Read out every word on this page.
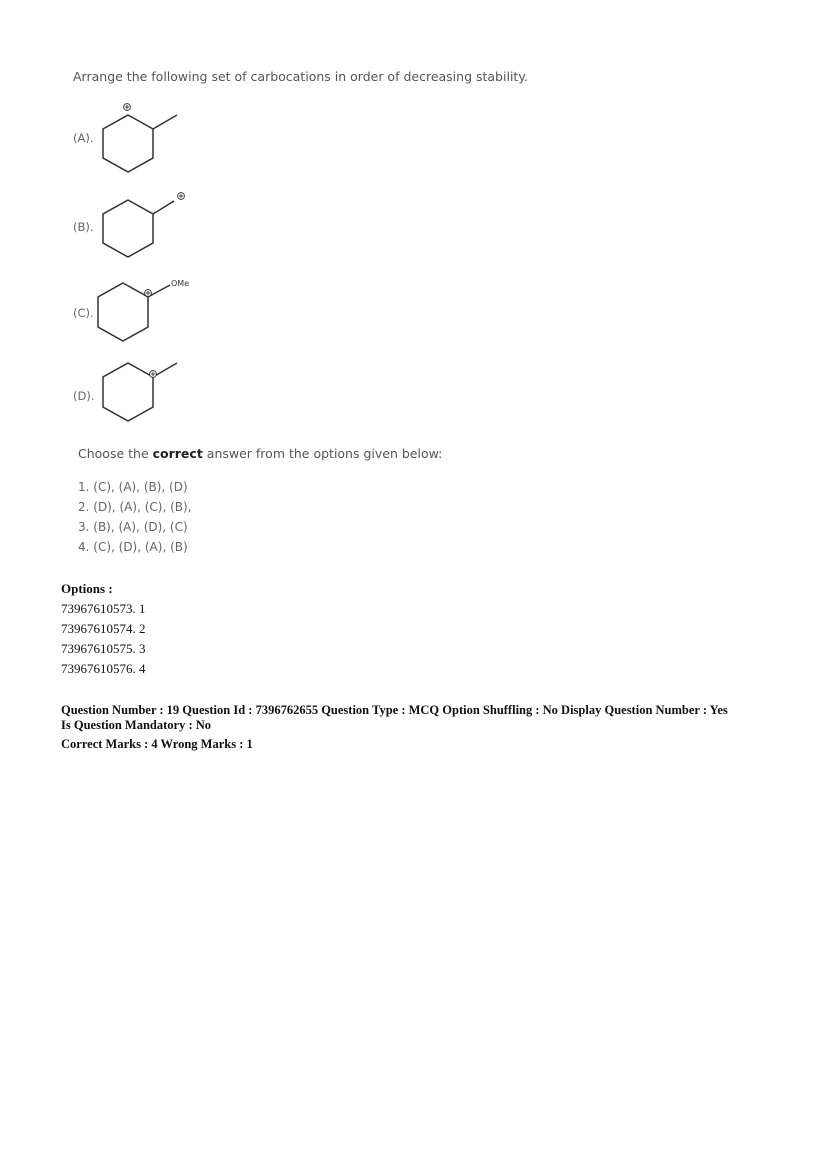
Arrange the following set of carbocations in order of decreasing stability.
(A).
(B).
(C).
OMe
(D).
Choose the correct answer from the options given below:
1. (C), (A), (B), (D)
2. (D), (A), (C), (B),
3. (B), (A), (D), (C)
4. (C), (D), (A), (B)
Options :
73967610573. 1
73967610574. 2
73967610575. 3
73967610576. 4
Question Number : 19 Question Id : 7396762655 Question Type : MCQ Option Shuffling : No Display Question Number : Yes
Is Question Mandatory : No
Correct Marks : 4 Wrong Marks : 1
